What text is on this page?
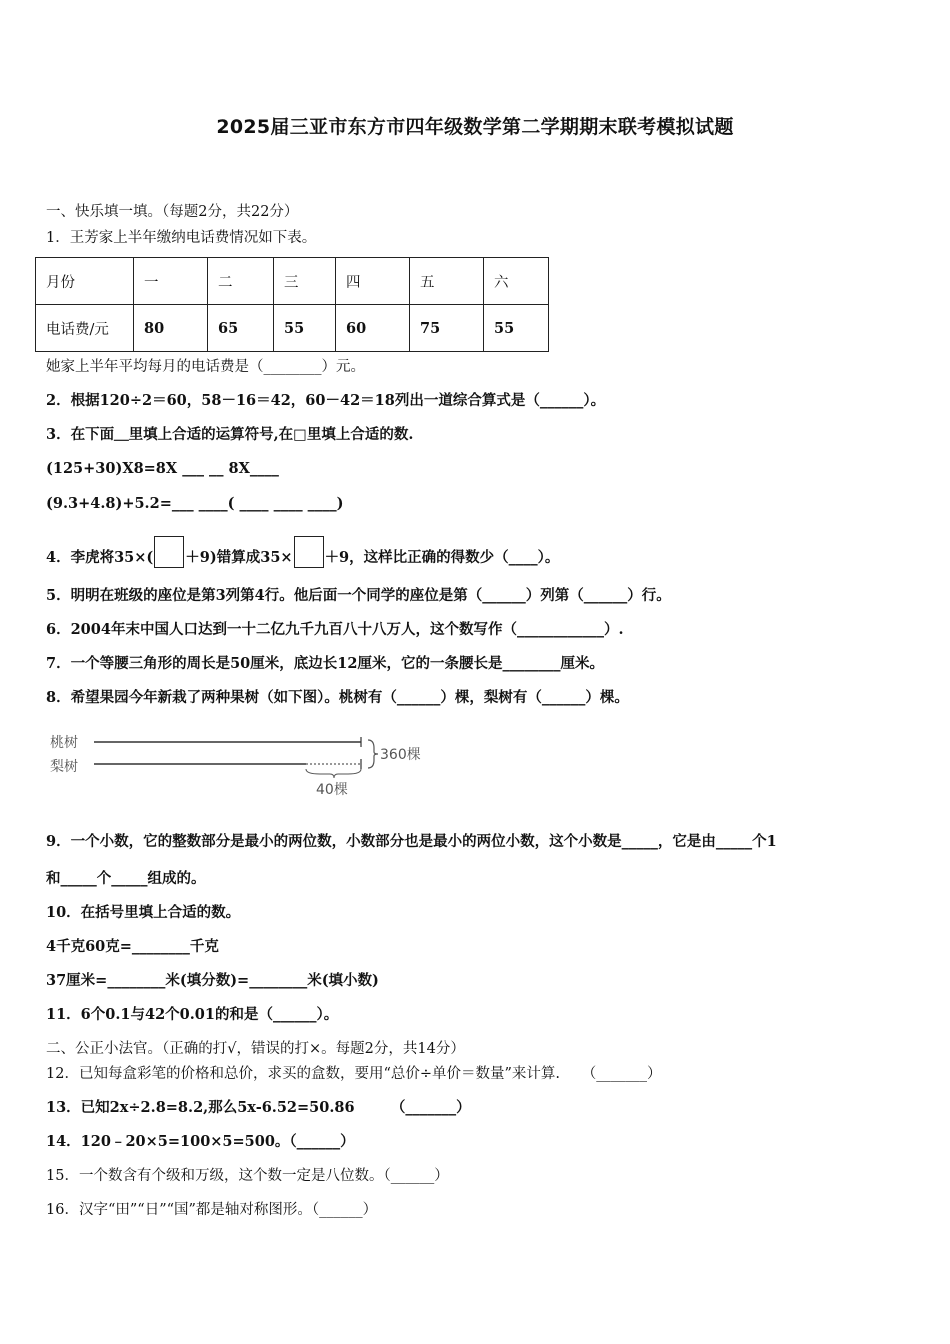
2025届三亚市东方市四年级数学第二学期期末联考模拟试题
一、快乐填一填。（每题2分，共22分）
1．王芳家上半年缴纳电话费情况如下表。
月份	一	二	三	四	五	六
电话费/元	80	65	55	60	75	55
她家上半年平均每月的电话费是（________）元。
2．根据120÷2＝60，58－16＝42，60－42＝18列出一道综合算式是（______）。
3．在下面＿里填上合适的运算符号,在□里填上合适的数.
(125+30)X8=8X ___ __ 8X____
(9.3+4.8)+5.2=___ ____( ____ ____ ____)
4．李虎将35×( ＋9)错算成35× ＋9，这样比正确的得数少（____）。
5．明明在班级的座位是第3列第4行。他后面一个同学的座位是第（______）列第（______）行。
6．2004年末中国人口达到一十二亿九千九百八十八万人，这个数写作（____________）.
7．一个等腰三角形的周长是50厘米，底边长12厘米，它的一条腰长是________厘米。
8．希望果园今年新栽了两种果树（如下图）。桃树有（______）棵，梨树有（______）棵。
桃树
梨树
360棵
40棵
9．一个小数，它的整数部分是最小的两位数，小数部分也是最小的两位小数，这个小数是_____，它是由_____个1
和_____个_____组成的。
10．在括号里填上合适的数。
4千克60克=________千克
37厘米=________米(填分数)=________米(填小数)
11．6个0.1与42个0.01的和是（______）。
二、公正小法官。（正确的打√，错误的打×。每题2分，共14分）
12．已知每盒彩笔的价格和总价，求买的盒数，要用“总价÷单价＝数量”来计算.　　（_______）
13．已知2x÷2.8=8.2,那么5x-6.52=50.86　　　（_______）
14．120﹣20×5=100×5=500。（______）
15．一个数含有个级和万级，这个数一定是八位数。（______）
16．汉字“田”“日”“国”都是轴对称图形。（______）
